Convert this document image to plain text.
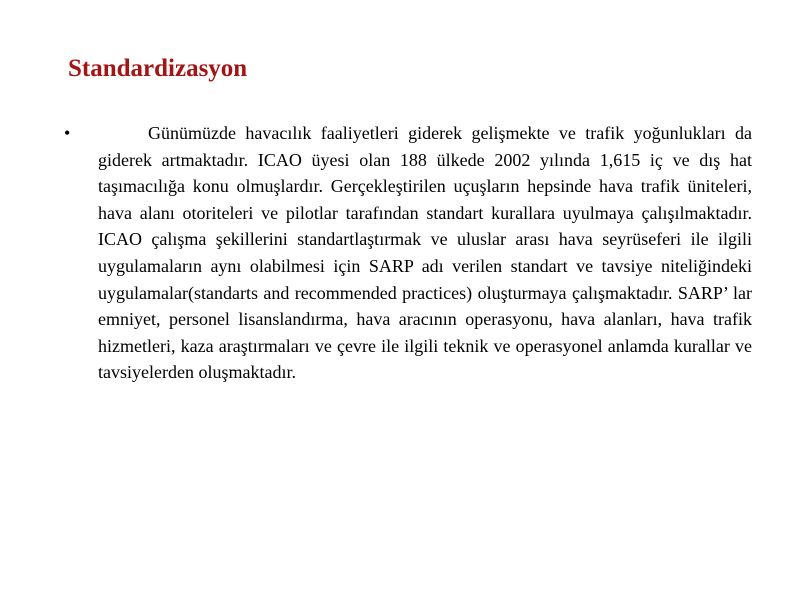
Standardizasyon
•	Günümüzde havacılık faaliyetleri giderek gelişmekte ve trafik yoğunlukları da giderek artmaktadır. ICAO üyesi olan 188 ülkede 2002 yılında 1,615 iç ve dış hat taşımacılığa konu olmuşlardır. Gerçekleştirilen uçuşların hepsinde hava trafik üniteleri, hava alanı otoriteleri ve pilotlar tarafından standart kurallara uyulmaya çalışılmaktadır. ICAO çalışma şekillerini standartlaştırmak ve uluslar arası hava seyrüseferi ile ilgili uygulamaların aynı olabilmesi için SARP adı verilen standart ve tavsiye niteliğindeki uygulamalar(standarts and recommended practices) oluşturmaya çalışmaktadır. SARP’ lar emniyet, personel lisanslandırma, hava aracının operasyonu, hava alanları, hava trafik hizmetleri, kaza araştırmaları ve çevre ile ilgili teknik ve operasyonel anlamda kurallar ve tavsiyelerden oluşmaktadır.
